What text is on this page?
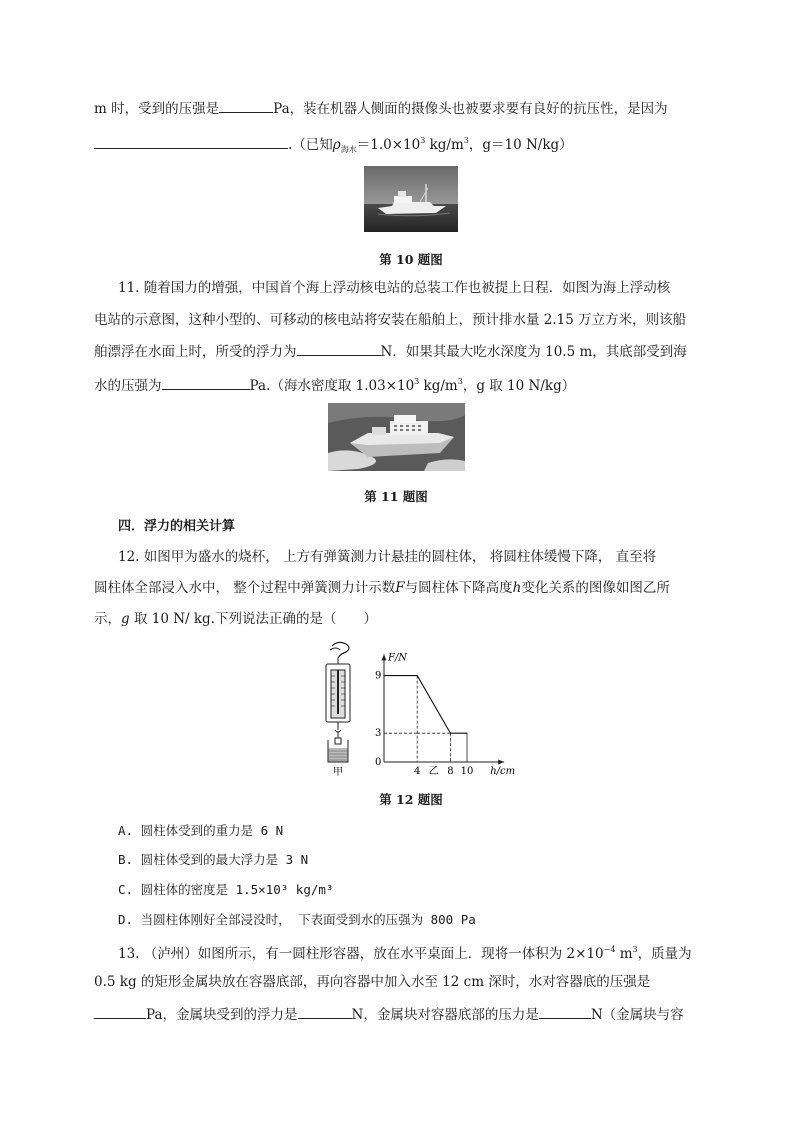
m 时，受到的压强是	Pa，装在机器人侧面的摄像头也被要求要有良好的抗压性，是因为
.（已知$\rho_{海水}=1.0\times 10^3$ $kg/m^3$，g＝10 N/kg）
第 10 题图
11. 随着国力的增强，中国首个海上浮动核电站的总装工作也被提上日程．如图为海上浮动核
电站的示意图，这种小型的、可移动的核电站将安装在船舶上，预计排水量 2.15 万立方米，则该船
舶漂浮在水面上时，所受的浮力为	N．如果其最大吃水深度为 10.5 m，其底部受到海
水的压强为	Pa.（海水密度取 $1.03\times 10^3$ $kg/m^3$，g 取 10 N/kg）
第 11 题图
四．浮力的相关计算
12. 如图甲为盛水的烧杯， 上方有弹簧测力计悬挂的圆柱体， 将圆柱体缓慢下降， 直至将
圆柱体全部浸入水中， 整个过程中弹簧测力计示数F与圆柱体下降高度h变化关系的图像如图乙所
示，g 取 10 N/ kg.下列说法正确的是（　　）
甲
F/N
h/cm
0
9
3
4	8 10
乙
第 12 题图
A. 圆柱体受到的重力是 6 N
B. 圆柱体受到的最大浮力是 3 N
C. 圆柱体的密度是 1.5×10³ kg/m³
D. 当圆柱体刚好全部浸没时， 下表面受到水的压强为 800 Pa
13. （泸州）如图所示，有一圆柱形容器，放在水平桌面上．现将一体积为 $2\times 10^{-4}$ $m^3$，质量为
0.5 kg 的矩形金属块放在容器底部，再向容器中加入水至 12 cm 深时，水对容器底的压强是
Pa，金属块受到的浮力是	N，金属块对容器底部的压力是	N（金属块与容
